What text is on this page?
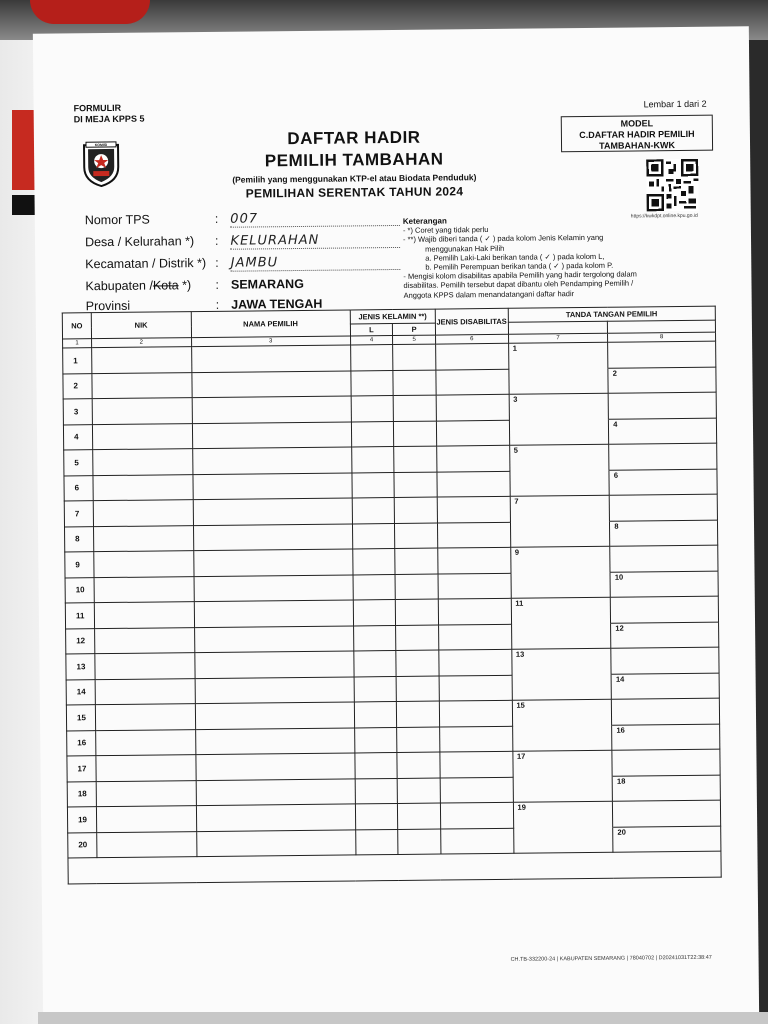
FORMULIR
DI MEJA KPPS 5
Lembar 1 dari 2
MODEL
C.DAFTAR HADIR PEMILIH
TAMBAHAN-KWK
https://kwkdpt.online.kpu.go.id
KOMISI	DAFTAR HADIR
PEMILIH TAMBAHAN
(Pemilih yang menggunakan KTP-el atau Biodata Penduduk)
PEMILIHAN SERENTAK TAHUN 2024
Nomor TPS	: 007
Desa / Kelurahan *) : KELURAHAN
Kecamatan / Distrik *) : JAMBU
Kabupaten /Kota *) : SEMARANG
Provinsi	: JAWA TENGAH
Keterangan
- *) Coret yang tidak perlu
- **) Wajib diberi tanda ( ✓ ) pada kolom Jenis Kelamin yang
menggunakan Hak Pilih
a. Pemilih Laki-Laki berikan tanda ( ✓ ) pada kolom L,
b. Pemilih Perempuan berikan tanda ( ✓ ) pada kolom P.
- Mengisi kolom disabilitas apabila Pemilih yang hadir tergolong dalam
disabilitas. Pemilih tersebut dapat dibantu oleh Pendamping Pemilih /
Anggota KPPS dalam menandatangani daftar hadir
NO	NIK	NAMA PEMILIH	JENIS KELAMIN **)		JENIS DISABILITAS	TANDA TANGAN PEMILIH	
			L	P			
1	2	3	4	5	6	7	8
1						1	
2							2
3						3	
4							4
5						5	
6							6
7						7	
8							8
9						9	
10							10
11						11	
12							12
13						13	
14							14
15						15	
16							16
17						17	
18							18
19						19	
20							20

CH.TB-332200-24 | KABUPATEN SEMARANG | 78040702 | D20241031T22:38:47
